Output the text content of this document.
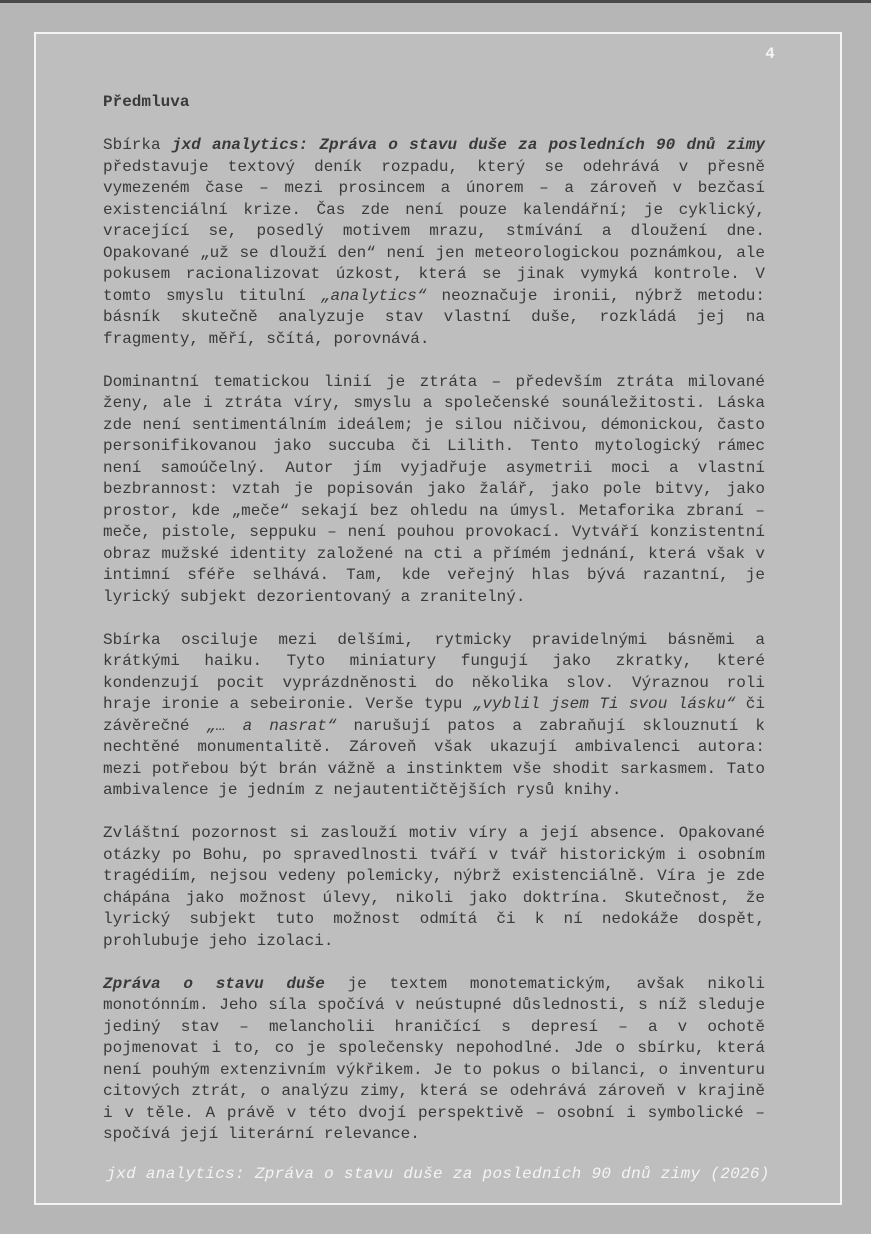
4
Předmluva

Sbírka jxd analytics: Zpráva o stavu duše za posledních 90 dnů zimy představuje textový deník rozpadu, který se odehrává v přesně vymezeném čase – mezi prosincem a únorem – a zároveň v bezčasí existenciální krize. Čas zde není pouze kalendářní; je cyklický, vracející se, posedlý motivem mrazu, stmívání a dloužení dne. Opakované „už se dlouží den“ není jen meteorologickou poznámkou, ale pokusem racionalizovat úzkost, která se jinak vymyká kontrole. V tomto smyslu titulní „analytics“ neoznačuje ironii, nýbrž metodu: básník skutečně analyzuje stav vlastní duše, rozkládá jej na fragmenty, měří, sčítá, porovnává.

Dominantní tematickou linií je ztráta – především ztráta milované ženy, ale i ztráta víry, smyslu a společenské sounáležitosti. Láska zde není sentimentálním ideálem; je silou ničivou, démonickou, často personifikovanou jako succuba či Lilith. Tento mytologický rámec není samoúčelný. Autor jím vyjadřuje asymetrii moci a vlastní bezbrannost: vztah je popisován jako žalář, jako pole bitvy, jako prostor, kde „meče“ sekají bez ohledu na úmysl. Metaforika zbraní – meče, pistole, seppuku – není pouhou provokací. Vytváří konzistentní obraz mužské identity založené na cti a přímém jednání, která však v intimní sféře selhává. Tam, kde veřejný hlas bývá razantní, je lyrický subjekt dezorientovaný a zranitelný.

Sbírka osciluje mezi delšími, rytmicky pravidelnými básněmi a krátkými haiku. Tyto miniatury fungují jako zkratky, které kondenzují pocit vyprázdněnosti do několika slov. Výraznou roli hraje ironie a sebeironie. Verše typu „vyblil jsem Ti svou lásku“ či závěrečné „… a nasrat“ narušují patos a zabraňují sklouznutí k nechtěné monumentalitě. Zároveň však ukazují ambivalenci autora: mezi potřebou být brán vážně a instinktem vše shodit sarkasmem. Tato ambivalence je jedním z nejautentičtějších rysů knihy.

Zvláštní pozornost si zaslouží motiv víry a její absence. Opakované otázky po Bohu, po spravedlnosti tváří v tvář historickým i osobním tragédiím, nejsou vedeny polemicky, nýbrž existenciálně. Víra je zde chápána jako možnost úlevy, nikoli jako doktrína. Skutečnost, že lyrický subjekt tuto možnost odmítá či k ní nedokáže dospět, prohlubuje jeho izolaci.

Zpráva o stavu duše je textem monotematickým, avšak nikoli monotónním. Jeho síla spočívá v neústupné důslednosti, s níž sleduje jediný stav – melancholii hraničící s depresí – a v ochotě pojmenovat i to, co je společensky nepohodlné. Jde o sbírku, která není pouhým extenzivním výkřikem. Je to pokus o bilanci, o inventuru citových ztrát, o analýzu zimy, která se odehrává zároveň v krajině i v těle. A právě v této dvojí perspektivě – osobní i symbolické – spočívá její literární relevance.

jxd analytics: Zpráva o stavu duše za posledních 90 dnů zimy (2026)
